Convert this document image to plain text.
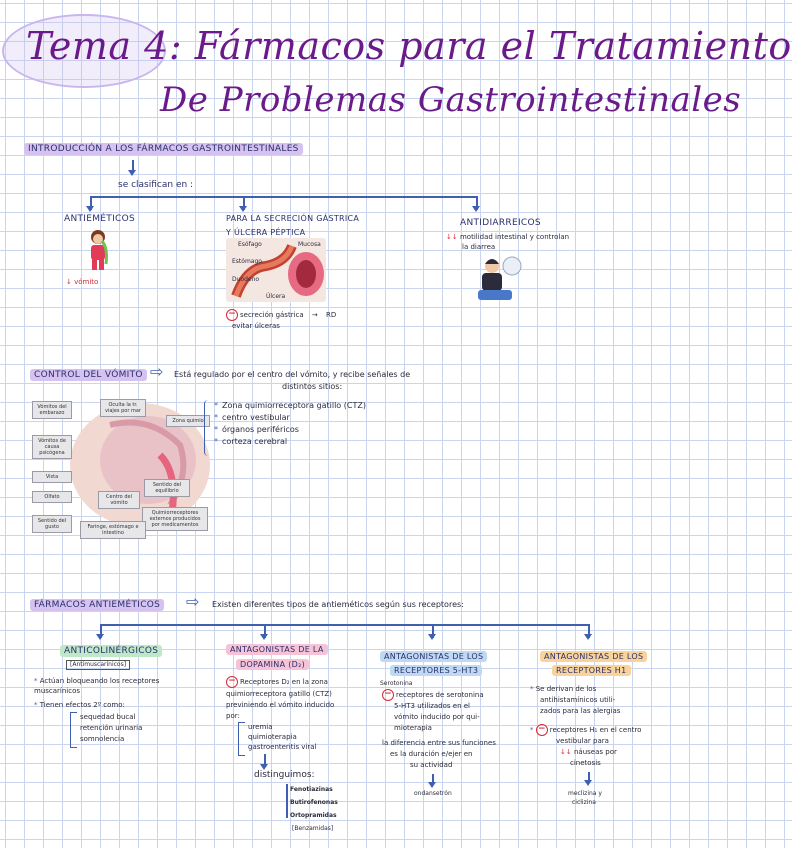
Tema 4: Fármacos para el Tratamiento
De Problemas Gastrointestinales
INTRODUCCIÓN A LOS FÁRMACOS GASTROINTESTINALES
se clasifican en :
ANTIEMÉTICOS
↓ vómito
PARA LA SECRECIÓN GÁSTRICA
Y ÚLCERA PÉPTICA
Esófago	Mucosa
Estómago
Duodeno
Úlcera
− secreción gástrica → RD
evitar úlceras
ANTIDIARREICOS
↓↓ motilidad intestinal y controlan
la diarrea
CONTROL DEL VÓMITO ⇨ Está regulado por el centro del vómito, y recibe señales de
distintos sitios:
Vómitos del embarazo
Vómitos de causa psicógena
Vista
Olfato
Sentido del gusto
Centro del vómito
Oculta la tr. viajes por mar
Sentido del equilibrio
Zona quimio
Quimiorreceptores externos producidos por medicamentos
Faringe, estómago e intestino
* Zona quimiorreceptora gatillo (CTZ)
* centro vestibular
* órganos periféricos
* corteza cerebral
FÁRMACOS ANTIEMÉTICOS ⇨ Existen diferentes tipos de antieméticos según sus receptores:
ANTICOLINÉRGICOS
[Antimuscarínicos]
* Actúan bloqueando los receptores muscarínicos
* Tienen efectos 2º como:
sequedad bucal
retención urinaria
somnolencia
ANTAGONISTAS DE LA
DOPAMINA (D₂)
− Receptores D₂ en la zona
quimiorreceptora gatillo (CTZ)
previniendo el vómito inducido
por:
uremia
quimioterapia
gastroenteritis viral
distinguimos:
Fenotiazinas
Butirofenonas
Ortopramidas
[Benzamidas]
ANTAGONISTAS DE LOS
RECEPTORES 5-HT3
Serotonina
− receptores de serotonina
5-HT3 utilizados en el
vómito inducido por qui-
mioterapia
la diferencia entre sus funciones
es la duración e/ejer en
su actividad
ondansetrón
ANTAGONISTAS DE LOS
RECEPTORES H1
* Se derivan de los
antihistamínicos utili-
zados para las alergias
* − receptores H₁ en el centro
vestibular para
↓↓ náuseas por
cinetosis
meclizina y
ciclizina
